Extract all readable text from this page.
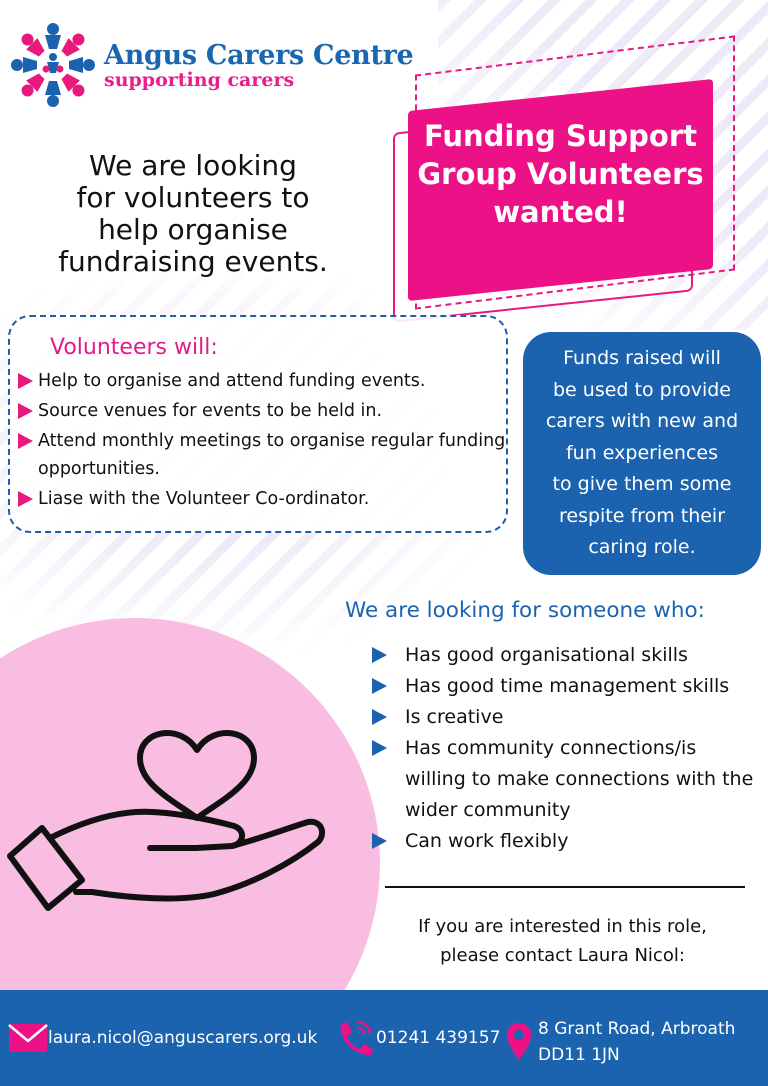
Angus Carers Centre
supporting carers
We are looking
for volunteers to
help organise
fundraising events.
Funding Support
Group Volunteers
wanted!
Volunteers will:
Help to organise and attend funding events.
Source venues for events to be held in.
Attend monthly meetings to organise regular funding opportunities.
Liase with the Volunteer Co-ordinator.
Funds raised will
be used to provide
carers with new and
fun experiences
to give them some
respite from their
caring role.
We are looking for someone who:
Has good organisational skills
Has good time management skills
Is creative
Has community connections/is willing to make connections with the wider community
Can work flexibly
If you are interested in this role,
please contact Laura Nicol:
laura.nicol@anguscarers.org.uk	01241 439157 8 Grant Road, Arbroath
DD11 1JN
